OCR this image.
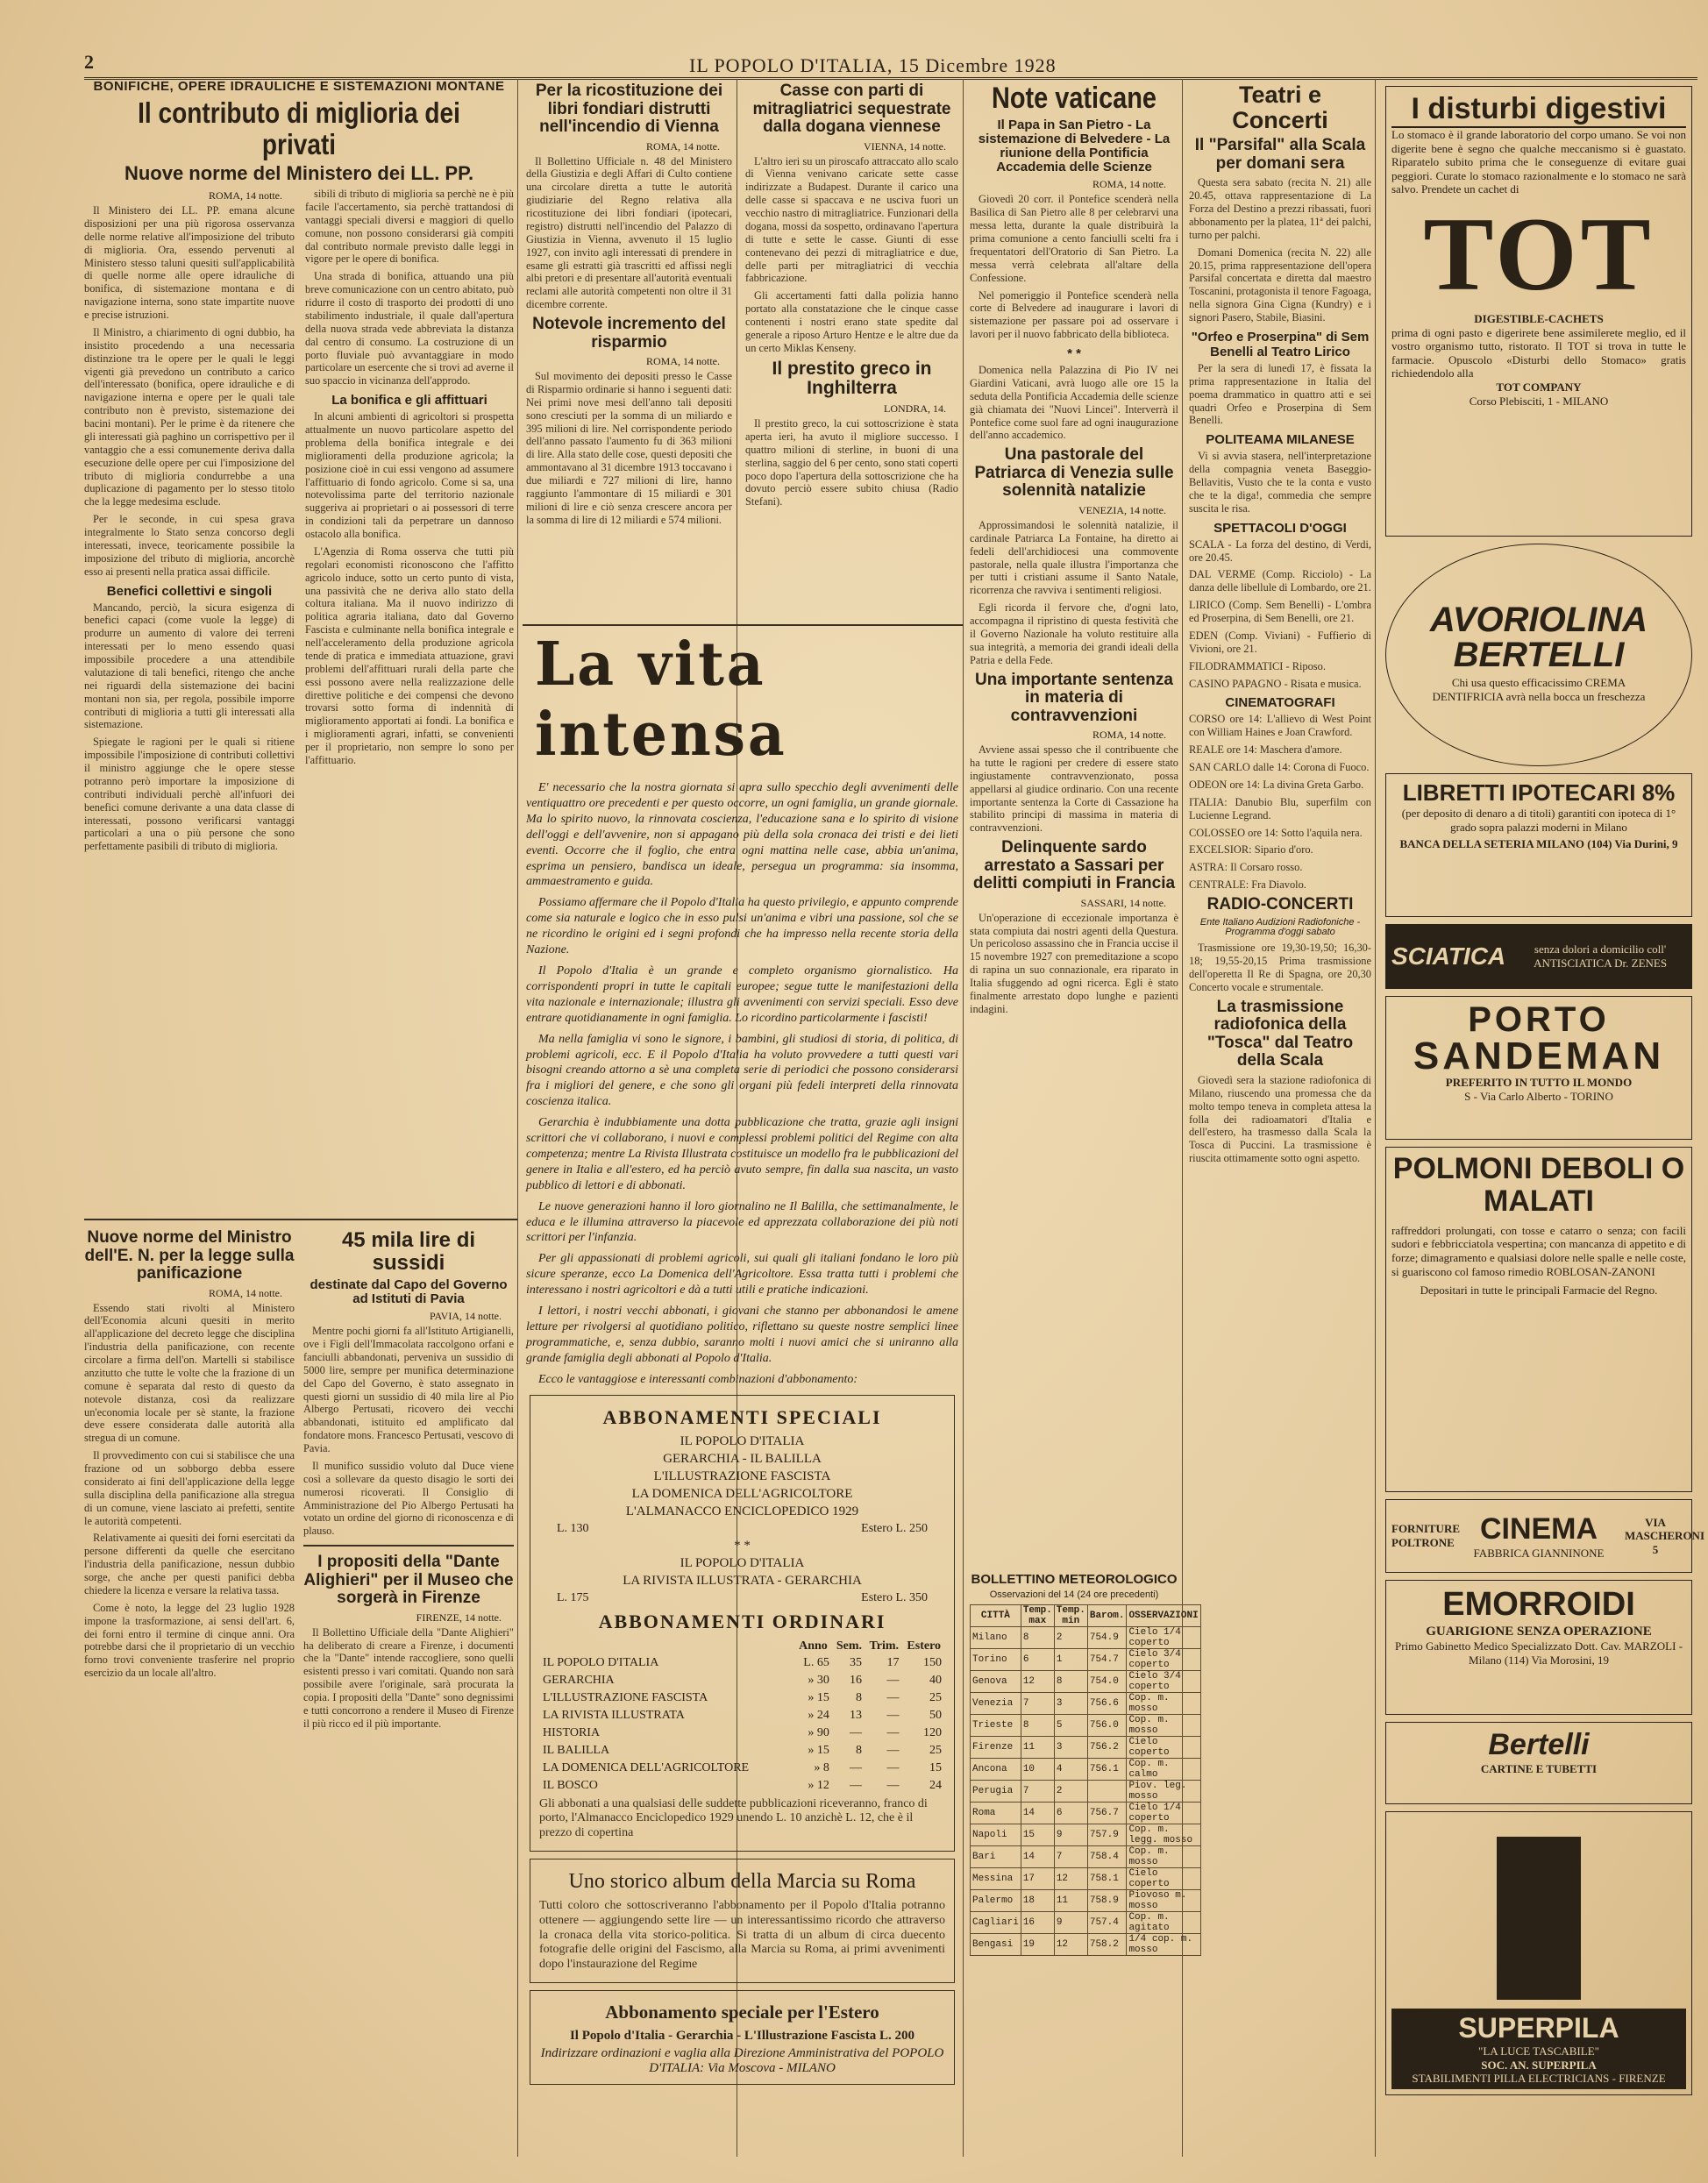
2	IL POPOLO D'ITALIA, 15 Dicembre 1928
BONIFICHE, OPERE IDRAULICHE E SISTEMAZIONI MONTANE
Il contributo di miglioria dei privati
Nuove norme del Ministero dei LL. PP.
ROMA, 14 notte.

Il Ministero dei LL. PP. emana alcune disposizioni per una più rigorosa osservanza delle norme relative all'imposizione del tributo di miglioria. Ora, essendo pervenuti al Ministero stesso taluni quesiti sull'applicabilità di quelle norme alle opere idrauliche di bonifica, di sistemazione montana e di navigazione interna, sono state impartite nuove e precise istruzioni.

Il Ministro, a chiarimento di ogni dubbio, ha insistito procedendo a una necessaria distinzione tra le opere per le quali le leggi vigenti già prevedono un contributo a carico dell'interessato (bonifica, opere idrauliche e di navigazione interna e opere per le quali tale contributo non è previsto, sistemazione dei bacini montani). Per le prime è da ritenere che gli interessati già paghino un corrispettivo per il vantaggio che a essi comunemente deriva dalla esecuzione delle opere per cui l'imposizione del tributo di miglioria condurrebbe a una duplicazione di pagamento per lo stesso titolo che la legge medesima esclude.

Per le seconde, in cui spesa grava integralmente lo Stato senza concorso degli interessati, invece, teoricamente possibile la imposizione del tributo di miglioria, ancorchè esso ai presenti nella pratica assai difficile.

Benefici collettivi e singoli

Mancando, perciò, la sicura esigenza di benefici capaci (come vuole la legge) di produrre un aumento di valore dei terreni interessati per lo meno essendo quasi impossibile procedere a una attendibile valutazione di tali benefici, ritengo che anche nei riguardi della sistemazione dei bacini montani non sia, per regola, possibile imporre contributi di miglioria a tutti gli interessati alla sistemazione.

Spiegate le ragioni per le quali si ritiene impossibile l'imposizione di contributi collettivi il ministro aggiunge che le opere stesse potranno però importare la imposizione di contributi individuali perchè all'infuori dei benefici comune derivante a una data classe di interessati, possono verificarsi vantaggi particolari a una o più persone che sono perfettamente pasibili di tributo di miglioria.

sibili di tributo di miglioria sa perchè ne è più facile l'accertamento, sia perchè trattandosi di vantaggi speciali diversi e maggiori di quello comune, non possono considerarsi già compiti dal contributo normale previsto dalle leggi in vigore per le opere di bonifica.

Una strada di bonifica, attuando una più breve comunicazione con un centro abitato, può ridurre il costo di trasporto dei prodotti di uno stabilimento industriale, il quale dall'apertura della nuova strada vede abbreviata la distanza dal centro di consumo. La costruzione di un porto fluviale può avvantaggiare in modo particolare un esercente che si trovi ad averne il suo spaccio in vicinanza dell'approdo.

La bonifica e gli affittuari

In alcuni ambienti di agricoltori si prospetta attualmente un nuovo particolare aspetto del problema della bonifica integrale e dei miglioramenti della produzione agricola; la posizione cioè in cui essi vengono ad assumere l'affittuario di fondo agricolo. Come si sa, una notevolissima parte del territorio nazionale suggeriva ai proprietari o ai possessori di terre in condizioni tali da perpetrare un dannoso ostacolo alla bonifica.

L'Agenzia di Roma osserva che tutti più regolari economisti riconoscono che l'affitto agricolo induce, sotto un certo punto di vista, una passività che ne deriva allo stato della coltura italiana. Ma il nuovo indirizzo di politica agraria italiana, dato dal Governo Fascista e culminante nella bonifica integrale e nell'acceleramento della produzione agricola tende di pratica e immediata attuazione, gravi problemi dell'affittuari rurali della parte che essi possono avere nella realizzazione delle direttive politiche e dei compensi che devono trovarsi sotto forma di indennità di miglioramento apportati ai fondi. La bonifica e i miglioramenti agrari, infatti, se convenienti per il proprietario, non sempre lo sono per l'affittuario.

Nuove norme del Ministro dell'E. N. per la legge sulla panificazione
ROMA, 14 notte.

Essendo stati rivolti al Ministero dell'Economia alcuni quesiti in merito all'applicazione del decreto legge che disciplina l'industria della panificazione, con recente circolare a firma dell'on. Martelli si stabilisce anzitutto che tutte le volte che la frazione di un comune è separata dal resto di questo da notevole distanza, così da realizzare un'economia locale per sè stante, la frazione deve essere considerata dalle autorità alla stregua di un comune.

Il provvedimento con cui si stabilisce che una frazione od un sobborgo debba essere considerato ai fini dell'applicazione della legge sulla disciplina della panificazione alla stregua di un comune, viene lasciato ai prefetti, sentite le autorità competenti.

Relativamente ai quesiti dei forni esercitati da persone differenti da quelle che esercitano l'industria della panificazione, nessun dubbio sorge, che anche per questi panifici debba chiedere la licenza e versare la relativa tassa.

Come è noto, la legge del 23 luglio 1928 impone la trasformazione, ai sensi dell'art. 6, dei forni entro il termine di cinque anni. Ora potrebbe darsi che il proprietario di un vecchio forno trovi conveniente trasferire nel proprio esercizio da un locale all'altro.

45 mila lire di sussidi
destinate dal Capo del Governo ad Istituti di Pavia
PAVIA, 14 notte.

Mentre pochi giorni fa all'Istituto Artigianelli, ove i Figli dell'Immacolata raccolgono orfani e fanciulli abbandonati, perveniva un sussidio di 5000 lire, sempre per munifica determinazione del Capo del Governo, è stato assegnato in questi giorni un sussidio di 40 mila lire al Pio Albergo Pertusati, ricovero dei vecchi abbandonati, istituito ed amplificato dal fondatore mons. Francesco Pertusati, vescovo di Pavia.

Il munifico sussidio voluto dal Duce viene così a sollevare da questo disagio le sorti dei numerosi ricoverati. Il Consiglio di Amministrazione del Pio Albergo Pertusati ha votato un ordine del giorno di riconoscenza e di plauso.

I propositi della "Dante Alighieri" per il Museo che sorgerà in Firenze
FIRENZE, 14 notte.

Il Bollettino Ufficiale della "Dante Alighieri" ha deliberato di creare a Firenze, i documenti che la "Dante" intende raccogliere, sono quelli esistenti presso i vari comitati. Quando non sarà possibile avere l'originale, sarà procurata la copia. I propositi della "Dante" sono degnissimi e tutti concorrono a rendere il Museo di Firenze il più ricco ed il più importante.

Per la ricostituzione dei libri fondiari distrutti nell'incendio di Vienna
ROMA, 14 notte.

Il Bollettino Ufficiale n. 48 del Ministero della Giustizia e degli Affari di Culto contiene una circolare diretta a tutte le autorità giudiziarie del Regno relativa alla ricostituzione dei libri fondiari (ipotecari, registro) distrutti nell'incendio del Palazzo di Giustizia in Vienna, avvenuto il 15 luglio 1927, con invito agli interessati di prendere in esame gli estratti già trascritti ed affissi negli albi pretori e di presentare all'autorità eventuali reclami alle autorità competenti non oltre il 31 dicembre corrente.

Notevole incremento del risparmio
ROMA, 14 notte.

Sul movimento dei depositi presso le Casse di Risparmio ordinarie si hanno i seguenti dati: Nei primi nove mesi dell'anno tali depositi sono cresciuti per la somma di un miliardo e 395 milioni di lire. Nel corrispondente periodo dell'anno passato l'aumento fu di 363 milioni di lire. Alla stato delle cose, questi depositi che ammontavano al 31 dicembre 1913 toccavano i due miliardi e 727 milioni di lire, hanno raggiunto l'ammontare di 15 miliardi e 301 milioni di lire e ciò senza crescere ancora per la somma di lire di 12 miliardi e 574 milioni.

Casse con parti di mitragliatrici sequestrate dalla dogana viennese
VIENNA, 14 notte.

L'altro ieri su un piroscafo attraccato allo scalo di Vienna venivano caricate sette casse indirizzate a Budapest. Durante il carico una delle casse si spaccava e ne usciva fuori un vecchio nastro di mitragliatrice. Funzionari della dogana, mossi da sospetto, ordinavano l'apertura di tutte e sette le casse. Giunti di esse contenevano dei pezzi di mitragliatrice e due, delle parti per mitragliatrici di vecchia fabbricazione.

Gli accertamenti fatti dalla polizia hanno portato alla constatazione che le cinque casse contenenti i nostri erano state spedite dal generale a riposo Arturo Hentze e le altre due da un certo Miklas Kenseny.

Il prestito greco in Inghilterra
LONDRA, 14.

Il prestito greco, la cui sottoscrizione è stata aperta ieri, ha avuto il migliore successo. I quattro milioni di sterline, in buoni di una sterlina, saggio del 6 per cento, sono stati coperti poco dopo l'apertura della sottoscrizione che ha dovuto perciò essere subito chiusa (Radio Stefani).

La vita intensa

E' necessario che la nostra giornata si apra sullo specchio degli avvenimenti delle ventiquattro ore precedenti e per questo occorre, un ogni famiglia, un grande giornale. Ma lo spirito nuovo, la rinnovata coscienza, l'educazione sana e lo spirito di visione dell'oggi e dell'avvenire, non si appagano più della sola cronaca dei tristi e dei lieti eventi. Occorre che il foglio, che entra ogni mattina nelle case, abbia un'anima, esprima un pensiero, bandisca un ideale, persegua un programma: sia insomma, ammaestramento e guida.

Possiamo affermare che il Popolo d'Italia ha questo privilegio, e appunto comprende come sia naturale e logico che in esso pulsi un'anima e vibri una passione, sol che se ne ricordino le origini ed i segni profondi che ha impresso nella recente storia della Nazione.

Il Popolo d'Italia è un grande e completo organismo giornalistico. Ha corrispondenti propri in tutte le capitali europee; segue tutte le manifestazioni della vita nazionale e internazionale; illustra gli avvenimenti con servizi speciali. Esso deve entrare quotidianamente in ogni famiglia. Lo ricordino particolarmente i fascisti!

Ma nella famiglia vi sono le signore, i bambini, gli studiosi di storia, di politica, di problemi agricoli, ecc. E il Popolo d'Italia ha voluto provvedere a tutti questi vari bisogni creando attorno a sè una completa serie di periodici che possono considerarsi fra i migliori del genere, e che sono gli organi più fedeli interpreti della rinnovata coscienza italica.

Gerarchia è indubbiamente una dotta pubblicazione che tratta, grazie agli insigni scrittori che vi collaborano, i nuovi e complessi problemi politici del Regime con alta competenza; mentre La Rivista Illustrata costituisce un modello fra le pubblicazioni del genere in Italia e all'estero, ed ha perciò avuto sempre, fin dalla sua nascita, un vasto pubblico di lettori e di abbonati.

Le nuove generazioni hanno il loro giornalino ne Il Balilla, che settimanalmente, le educa e le illumina attraverso la piacevole ed apprezzata collaborazione dei più noti scrittori per l'infanzia.

Per gli appassionati di problemi agricoli, sui quali gli italiani fondano le loro più sicure speranze, ecco La Domenica dell'Agricoltore. Essa tratta tutti i problemi che interessano i nostri agricoltori e dà a tutti utili e pratiche indicazioni.

I lettori, i nostri vecchi abbonati, i giovani che stanno per abbonandosi le amene letture per rivolgersi al quotidiano politico, riflettano su queste nostre semplici linee programmatiche, e, senza dubbio, saranno molti i nuovi amici che si uniranno alla grande famiglia degli abbonati al Popolo d'Italia.

Ecco le vantaggiose e interessanti combinazioni d'abbonamento:

ABBONAMENTI SPECIALI
IL POPOLO D'ITALIA
GERARCHIA - IL BALILLA
L'ILLUSTRAZIONE FASCISTA
LA DOMENICA DELL'AGRICOLTORE
L'ALMANACCO ENCICLOPEDICO 1929
L. 130	Estero L. 250
* *
IL POPOLO D'ITALIA
LA RIVISTA ILLUSTRATA - GERARCHIA
L. 175	Estero L. 350
ABBONAMENTI ORDINARI
	Anno	Sem.	Trim.	Estero
IL POPOLO D'ITALIA	L. 65	35	17	150
GERARCHIA	» 30	16	—	40
L'ILLUSTRAZIONE FASCISTA	» 15	8	—	25
LA RIVISTA ILLUSTRATA	» 24	13	—	50
HISTORIA	» 90	—	—	120
IL BALILLA	» 15	8	—	25
LA DOMENICA DELL'AGRICOLTORE	» 8	—	—	15
IL BOSCO	» 12	—	—	24

Gli abbonati a una qualsiasi delle suddette pubblicazioni riceveranno, franco di porto, l'Almanacco Enciclopedico 1929 unendo L. 10 anzichè L. 12, che è il prezzo di copertina

Uno storico album della Marcia su Roma

Tutti coloro che sottoscriveranno l'abbonamento per il Popolo d'Italia potranno ottenere — aggiungendo sette lire — un interessantissimo ricordo che attraverso la cronaca della vita storico-politica. Si tratta di un album di circa duecento fotografie delle origini del Fascismo, alla Marcia su Roma, ai primi avvenimenti dopo l'instaurazione del Regime

Abbonamento speciale per l'Estero
Il Popolo d'Italia - Gerarchia - L'Illustrazione Fascista L. 200
Indirizzare ordinazioni e vaglia alla Direzione Amministrativa del POPOLO D'ITALIA: Via Moscova - MILANO
Note vaticane
Il Papa in San Pietro - La sistemazione di Belvedere - La riunione della Pontificia Accademia delle Scienze
ROMA, 14 notte.

Giovedì 20 corr. il Pontefice scenderà nella Basilica di San Pietro alle 8 per celebrarvi una messa letta, durante la quale distribuirà la prima comunione a cento fanciulli scelti fra i frequentatori dell'Oratorio di San Pietro. La messa verrà celebrata all'altare della Confessione.

Nel pomeriggio il Pontefice scenderà nella corte di Belvedere ad inaugurare i lavori di sistemazione per passare poi ad osservare i lavori per il nuovo fabbricato della biblioteca.

* *

Domenica nella Palazzina di Pio IV nei Giardini Vaticani, avrà luogo alle ore 15 la seduta della Pontificia Accademia delle scienze già chiamata dei "Nuovi Lincei". Interverrà il Pontefice come suol fare ad ogni inaugurazione dell'anno accademico.

Una pastorale del Patriarca di Venezia sulle solennità natalizie
VENEZIA, 14 notte.

Approssimandosi le solennità natalizie, il cardinale Patriarca La Fontaine, ha diretto ai fedeli dell'archidiocesi una commovente pastorale, nella quale illustra l'importanza che per tutti i cristiani assume il Santo Natale, ricorrenza che ravviva i sentimenti religiosi.

Egli ricorda il fervore che, d'ogni lato, accompagna il ripristino di questa festività che il Governo Nazionale ha voluto restituire alla sua integrità, a memoria dei grandi ideali della Patria e della Fede.

Una importante sentenza in materia di contravvenzioni
ROMA, 14 notte.

Avviene assai spesso che il contribuente che ha tutte le ragioni per credere di essere stato ingiustamente contravvenzionato, possa appellarsi al giudice ordinario. Con una recente importante sentenza la Corte di Cassazione ha stabilito principi di massima in materia di contravvenzioni.

Delinquente sardo arrestato a Sassari per delitti compiuti in Francia
SASSARI, 14 notte.

Un'operazione di eccezionale importanza è stata compiuta dai nostri agenti della Questura. Un pericoloso assassino che in Francia uccise il 15 novembre 1927 con premeditazione a scopo di rapina un suo connazionale, era riparato in Italia sfuggendo ad ogni ricerca. Egli è stato finalmente arrestato dopo lunghe e pazienti indagini.

BOLLETTINO METEOROLOGICO
Osservazioni del 14 (24 ore precedenti)
CITTÀ	Temp. max	Temp. min	Barom.	OSSERVAZIONI
Milano	8	2	754.9	Cielo 1/4 coperto
Torino	6	1	754.7	Cielo 3/4 coperto
Genova	12	8	754.0	Cielo 3/4 coperto
Venezia	7	3	756.6	Cop. m. mosso
Trieste	8	5	756.0	Cop. m. mosso
Firenze	11	3	756.2	Cielo coperto
Ancona	10	4	756.1	Cop. m. calmo
Perugia	7	2		Piov. leg. mosso
Roma	14	6	756.7	Cielo 1/4 coperto
Napoli	15	9	757.9	Cop. m. legg. mosso
Bari	14	7	758.4	Cop. m. mosso
Messina	17	12	758.1	Cielo coperto
Palermo	18	11	758.9	Piovoso m. mosso
Cagliari	16	9	757.4	Cop. m. agitato
Bengasi	19	12	758.2	1/4 cop. m. mosso
Teatri e Concerti
Il "Parsifal" alla Scala per domani sera

Questa sera sabato (recita N. 21) alle 20.45, ottava rappresentazione di La Forza del Destino a prezzi ribassati, fuori abbonamento per la platea, 11ª dei palchi, turno per palchi.

Domani Domenica (recita N. 22) alle 20.15, prima rappresentazione dell'opera Parsifal concertata e diretta dal maestro Toscanini, protagonista il tenore Fagoaga, nella signora Gina Cigna (Kundry) e i signori Pasero, Stabile, Biasini.

"Orfeo e Proserpina" di Sem Benelli al Teatro Lirico

Per la sera di lunedì 17, è fissata la prima rappresentazione in Italia del poema drammatico in quattro atti e sei quadri Orfeo e Proserpina di Sem Benelli.

POLITEAMA MILANESE

Vi si avvia stasera, nell'interpretazione della compagnia veneta Baseggio-Bellavitis, Vusto che te la conta e vusto che te la diga!, commedia che sempre suscita le risa.

SPETTACOLI D'OGGI
SCALA - La forza del destino, di Verdi, ore 20.45.
DAL VERME (Comp. Ricciolo) - La danza delle libellule di Lombardo, ore 21.
LIRICO (Comp. Sem Benelli) - L'ombra ed Proserpina, di Sem Benelli, ore 21.
EDEN (Comp. Viviani) - Fuffierio di Vivioni, ore 21.
FILODRAMMATICI - Riposo.
CASINO PAPAGNO - Risata e musica.
CINEMATOGRAFI
CORSO ore 14: L'allievo di West Point con William Haines e Joan Crawford.
REALE ore 14: Maschera d'amore.
SAN CARLO dalle 14: Corona di Fuoco.
ODEON ore 14: La divina Greta Garbo.
ITALIA: Danubio Blu, superfilm con Lucienne Legrand.
COLOSSEO ore 14: Sotto l'aquila nera.
EXCELSIOR: Sipario d'oro.
ASTRA: Il Corsaro rosso.
CENTRALE: Fra Diavolo.
RADIO-CONCERTI
Ente Italiano Audizioni Radiofoniche - Programma d'oggi sabato

Trasmissione ore 19,30-19,50; 16,30-18; 19,55-20,15 Prima trasmissione dell'operetta Il Re di Spagna, ore 20,30 Concerto vocale e strumentale.

La trasmissione radiofonica della "Tosca" dal Teatro della Scala

Giovedì sera la stazione radiofonica di Milano, riuscendo una promessa che da molto tempo teneva in completa attesa la folla dei radioamatori d'Italia e dell'estero, ha trasmesso dalla Scala la Tosca di Puccini. La trasmissione è riuscita ottimamente sotto ogni aspetto.

I disturbi digestivi
Lo stomaco è il grande laboratorio del corpo umano. Se voi non digerite bene è segno che qualche meccanismo si è guastato. Riparatelo subito prima che le conseguenze di evitare guai peggiori. Curate lo stomaco razionalmente e lo stomaco ne sarà salvo. Prendete un cachet di
TOT
DIGESTIBLE-CACHETS
prima di ogni pasto e digerirete bene assimilerete meglio, ed il vostro organismo tutto, ristorato. Il TOT si trova in tutte le farmacie. Opuscolo «Disturbi dello Stomaco» gratis richiedendolo alla
TOT COMPANY
Corso Plebisciti, 1 - MILANO
AVORIOLINA BERTELLI
Chi usa questo efficacissimo CREMA DENTIFRICIA avrà nella bocca un freschezza
LIBRETTI IPOTECARI 8%
(per deposito di denaro a di titoli) garantiti con ipoteca di 1° grado sopra palazzi moderni in Milano
BANCA DELLA SETERIA MILANO (104) Via Durini, 9
SCIATICA	senza dolori a domicilio coll' ANTISCIATICA Dr. ZENES
PORTO
SANDEMAN
PREFERITO IN TUTTO IL MONDO
S - Via Carlo Alberto - TORINO
POLMONI DEBOLI O MALATI
raffreddori prolungati, con tosse e catarro o senza; con facili sudori e febbricciatola vespertina; con mancanza di appetito e di forze; dimagramento e qualsiasi dolore nelle spalle e nelle coste, si guariscono col famoso rimedio ROBLOSAN-ZANONI
Depositari in tutte le principali Farmacie del Regno.
FORNITURE POLTRONE CINEMA
FABBRICA GIANNINONE
VIA MASCHERONI 5
EMORROIDI
GUARIGIONE SENZA OPERAZIONE
Primo Gabinetto Medico Specializzato Dott. Cav. MARZOLI - Milano (114) Via Morosini, 19
Bertelli
CARTINE E TUBETTI
SUPERPILA
"LA LUCE TASCABILE"
SOC. AN. SUPERPILA
STABILIMENTI PILLA ELECTRICIANS - FIRENZE
